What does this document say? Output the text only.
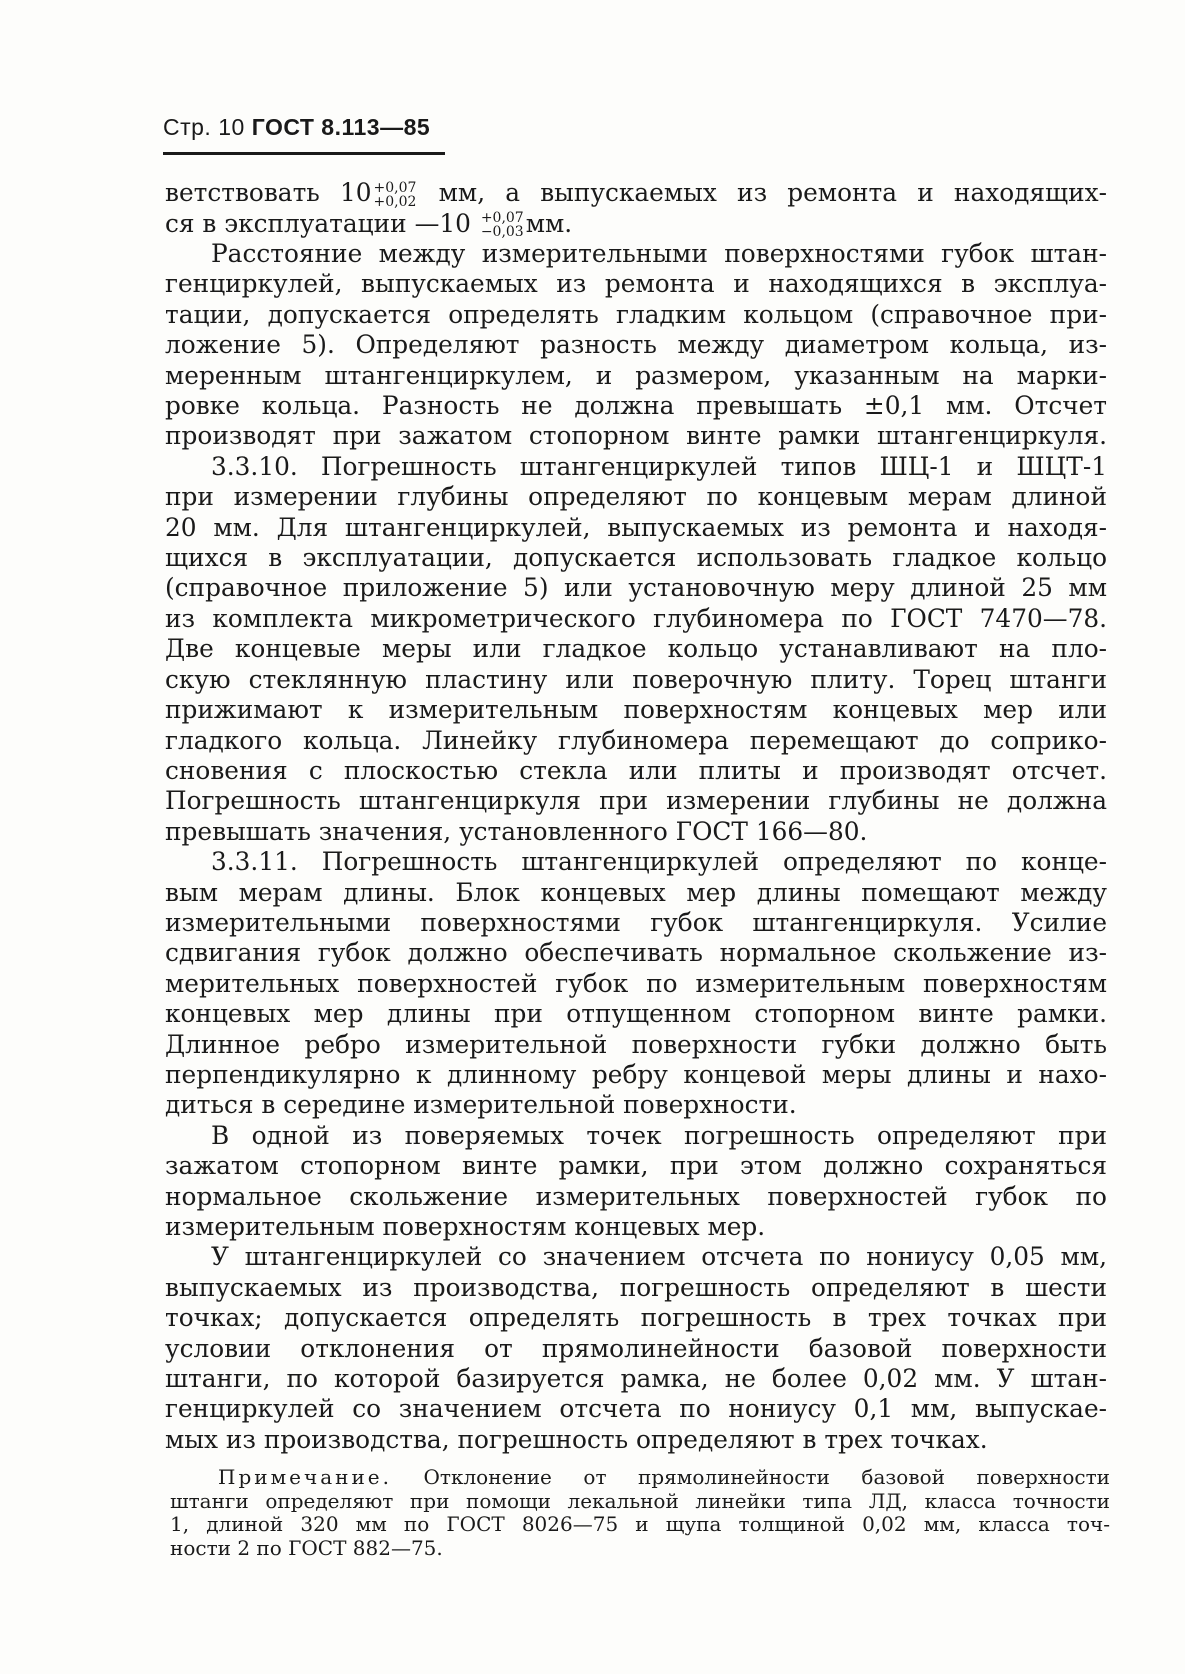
Стр. 10 ГОСТ 8.113—85
ветствовать 10 +0,07
+0,02 мм, а выпускаемых из ремонта и находящих-
ся в эксплуатации —10 +0,07
−0,03 мм.
Расстояние между измерительными поверхностями губок штан-
генциркулей, выпускаемых из ремонта и находящихся в эксплуа-
тации, допускается определять гладким кольцом (справочное при-
ложение 5). Определяют разность между диаметром кольца, из-
меренным штангенциркулем, и размером, указанным на марки-
ровке кольца. Разность не должна превышать ±0,1 мм. Отсчет
производят при зажатом стопорном винте рамки штангенциркуля.
3.3.10. Погрешность штангенциркулей типов ШЦ-1 и ШЦТ-1
при измерении глубины определяют по концевым мерам длиной
20 мм. Для штангенциркулей, выпускаемых из ремонта и находя-
щихся в эксплуатации, допускается использовать гладкое кольцо
(справочное приложение 5) или установочную меру длиной 25 мм
из комплекта микрометрического глубиномера по ГОСТ 7470—78.
Две концевые меры или гладкое кольцо устанавливают на пло-
скую стеклянную пластину или поверочную плиту. Торец штанги
прижимают к измерительным поверхностям концевых мер или
гладкого кольца. Линейку глубиномера перемещают до соприко-
сновения с плоскостью стекла или плиты и производят отсчет.
Погрешность штангенциркуля при измерении глубины не должна
превышать значения, установленного ГОСТ 166—80.
3.3.11. Погрешность штангенциркулей определяют по конце-
вым мерам длины. Блок концевых мер длины помещают между
измерительными поверхностями губок штангенциркуля. Усилие
сдвигания губок должно обеспечивать нормальное скольжение из-
мерительных поверхностей губок по измерительным поверхностям
концевых мер длины при отпущенном стопорном винте рамки.
Длинное ребро измерительной поверхности губки должно быть
перпендикулярно к длинному ребру концевой меры длины и нахо-
диться в середине измерительной поверхности.
В одной из поверяемых точек погрешность определяют при
зажатом стопорном винте рамки, при этом должно сохраняться
нормальное скольжение измерительных поверхностей губок по
измерительным поверхностям концевых мер.
У штангенциркулей со значением отсчета по нониусу 0,05 мм,
выпускаемых из производства, погрешность определяют в шести
точках; допускается определять погрешность в трех точках при
условии отклонения от прямолинейности базовой поверхности
штанги, по которой базируется рамка, не более 0,02 мм. У штан-
генциркулей со значением отсчета по нониусу 0,1 мм, выпускае-
мых из производства, погрешность определяют в трех точках.
Примечание. Отклонение от прямолинейности базовой поверхности
штанги определяют при помощи лекальной линейки типа ЛД, класса точности
1, длиной 320 мм по ГОСТ 8026—75 и щупа толщиной 0,02 мм, класса точ-
ности 2 по ГОСТ 882—75.
